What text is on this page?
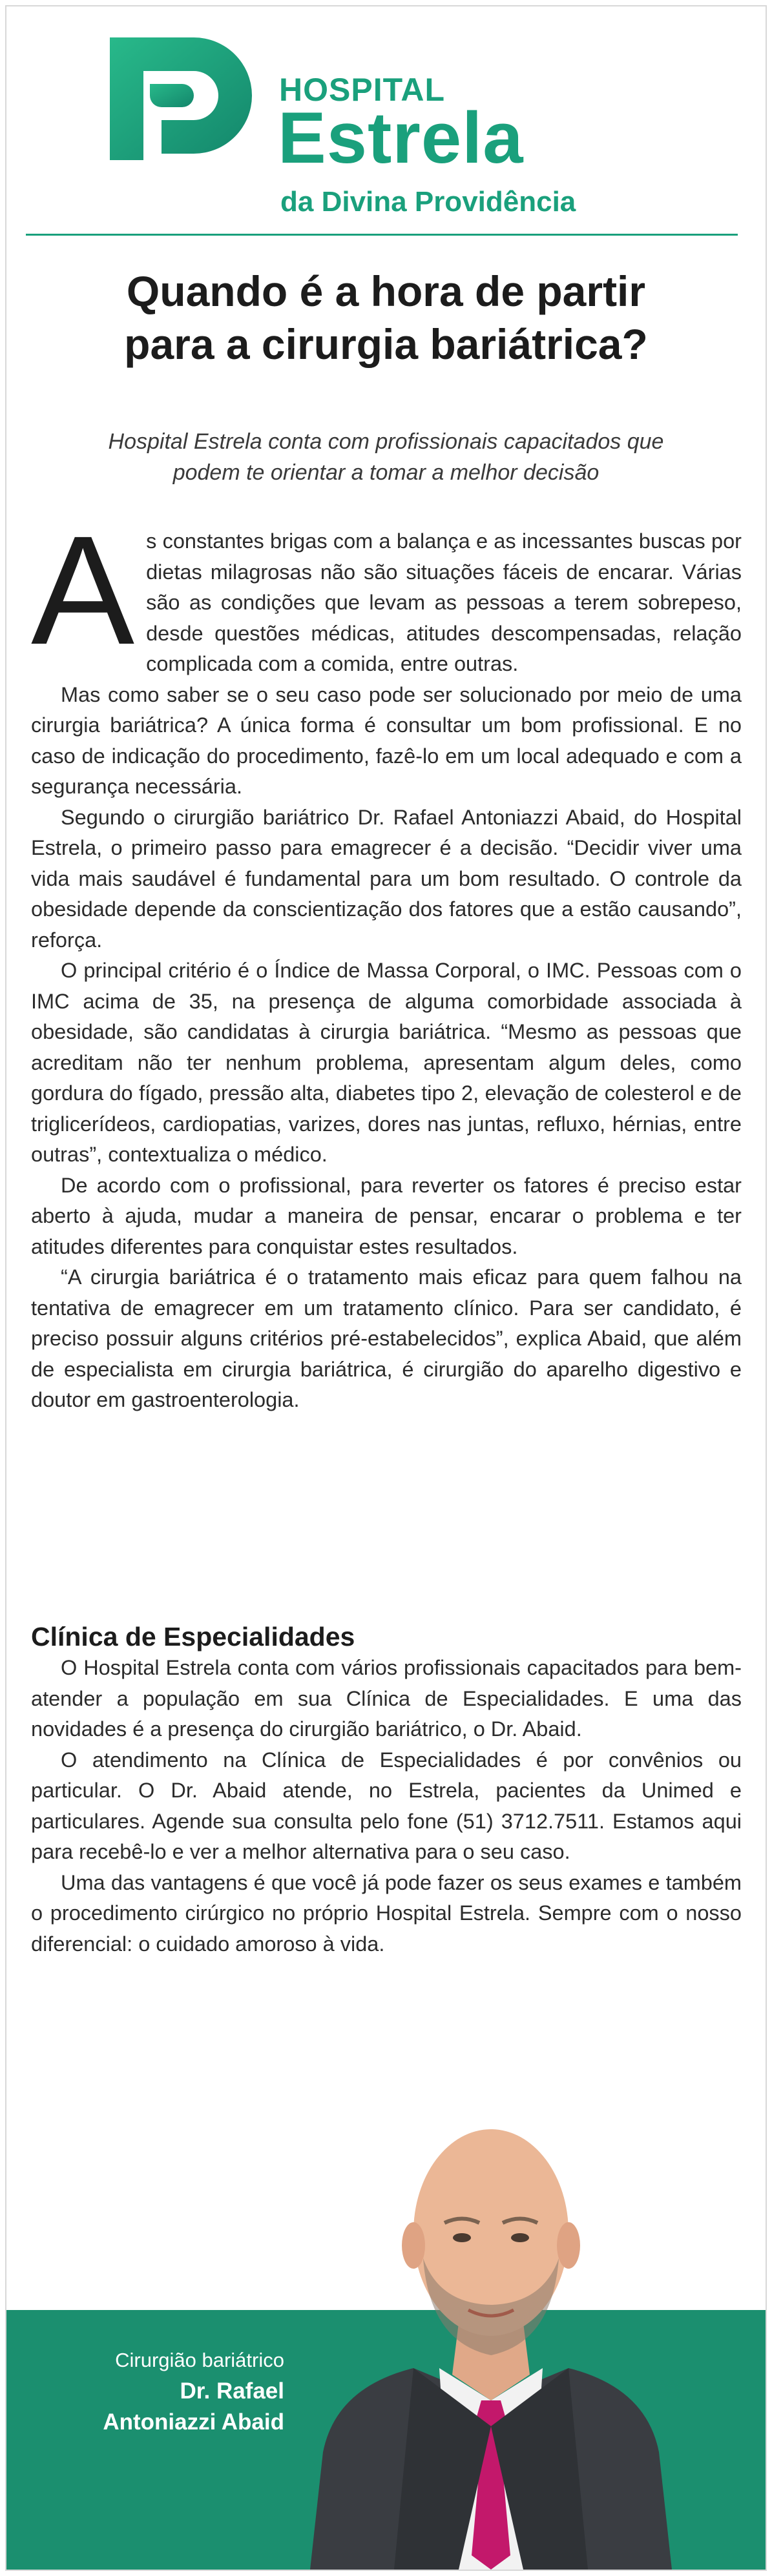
HOSPITAL
Estrela
da Divina Providência
Quando é a hora de partir
para a cirurgia bariátrica?
Hospital Estrela conta com profissionais capacitados que
podem te orientar a tomar a melhor decisão

As constantes brigas com a balança e as incessantes buscas por dietas milagrosas não são situações fáceis de encarar. Várias são as condições que levam as pessoas a terem sobrepeso, desde questões médicas, atitudes descompensadas, relação complicada com a comida, entre outras.

Mas como saber se o seu caso pode ser solucionado por meio de uma cirurgia bariátrica? A única forma é consultar um bom profissional. E no caso de indicação do procedimento, fazê-lo em um local adequado e com a segurança necessária.

Segundo o cirurgião bariátrico Dr. Rafael Antoniazzi Abaid, do Hospital Estrela, o primeiro passo para emagrecer é a decisão. “Decidir viver uma vida mais saudável é fundamental para um bom resultado. O controle da obesidade depende da conscientização dos fatores que a estão causando”, reforça.

O principal critério é o Índice de Massa Corporal, o IMC. Pessoas com o IMC acima de 35, na presença de alguma comorbidade associada à obesidade, são candidatas à cirurgia bariátrica. “Mesmo as pessoas que acreditam não ter nenhum problema, apresentam algum deles, como gordura do fígado, pressão alta, diabetes tipo 2, elevação de colesterol e de triglicerídeos, cardiopatias, varizes, dores nas juntas, refluxo, hérnias, entre outras”, contextualiza o médico.

De acordo com o profissional, para reverter os fatores é preciso estar aberto à ajuda, mudar a maneira de pensar, encarar o problema e ter atitudes diferentes para conquistar estes resultados.

“A cirurgia bariátrica é o tratamento mais eficaz para quem falhou na tentativa de emagrecer em um tratamento clínico. Para ser candidato, é preciso possuir alguns critérios pré-estabelecidos”, explica Abaid, que além de especialista em cirurgia bariátrica, é cirurgião do aparelho digestivo e doutor em gastroenterologia.

Clínica de Especialidades

O Hospital Estrela conta com vários profissionais capacitados para bem-atender a população em sua Clínica de Especialidades. E uma das novidades é a presença do cirurgião bariátrico, o Dr. Abaid.

O atendimento na Clínica de Especialidades é por convênios ou particular. O Dr. Abaid atende, no Estrela, pacientes da Unimed e particulares. Agende sua consulta pelo fone (51) 3712.7511. Estamos aqui para recebê-lo e ver a melhor alternativa para o seu caso.

Uma das vantagens é que você já pode fazer os seus exames e também o procedimento cirúrgico no próprio Hospital Estrela. Sempre com o nosso diferencial: o cuidado amoroso à vida.

Cirurgião bariátrico
Dr. Rafael
Antoniazzi Abaid
